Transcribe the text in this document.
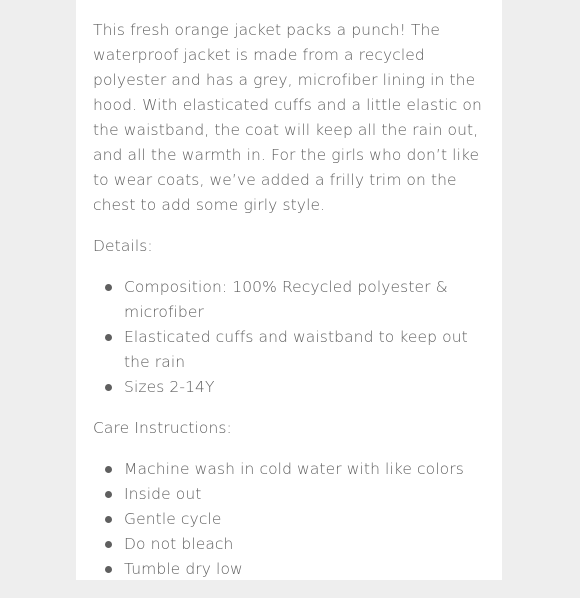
This fresh orange jacket packs a punch! The waterproof jacket is made from a recycled polyester and has a grey, microfiber lining in the hood. With elasticated cuffs and a little elastic on the waistband, the coat will keep all the rain out, and all the warmth in. For the girls who don’t like to wear coats, we’ve added a frilly trim on the chest to add some girly style.

Details:

Composition: 100% Recycled polyester & microfiber
Elasticated cuffs and waistband to keep out the rain
Sizes 2-14Y

Care Instructions:

Machine wash in cold water with like colors
Inside out
Gentle cycle
Do not bleach
Tumble dry low
